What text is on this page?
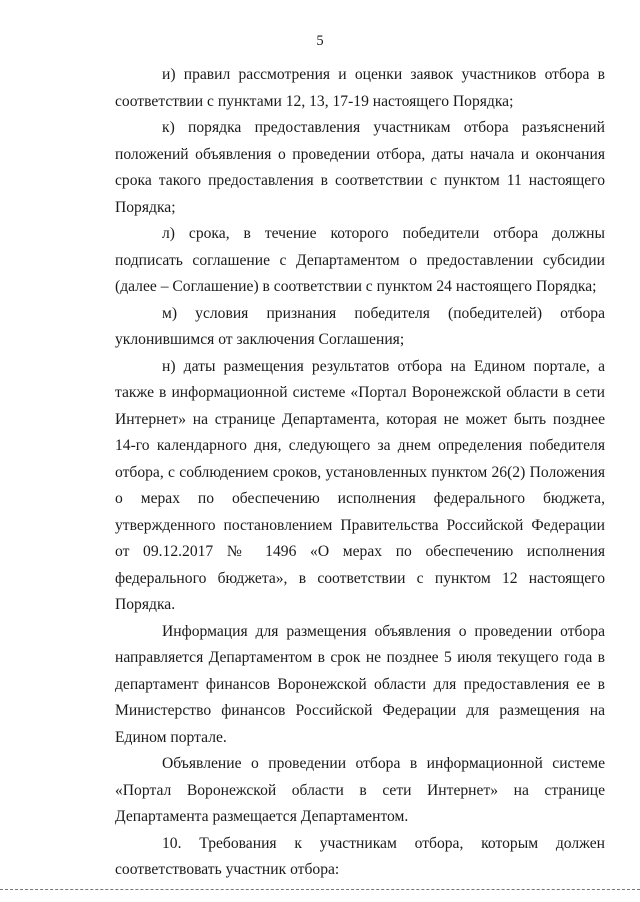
5

и) правил рассмотрения и оценки заявок участников отбора в соответствии с пунктами 12, 13, 17-19 настоящего Порядка;

к) порядка предоставления участникам отбора разъяснений положений объявления о проведении отбора, даты начала и окончания срока такого предоставления в соответствии с пунктом 11 настоящего Порядка;

л) срока, в течение которого победители отбора должны подписать соглашение с Департаментом о предоставлении субсидии (далее – Соглашение) в соответствии с пунктом 24 настоящего Порядка;

м) условия признания победителя (победителей) отбора уклонившимся от заключения Соглашения;

н) даты размещения результатов отбора на Едином портале, а также в информационной системе «Портал Воронежской области в сети Интернет» на странице Департамента, которая не может быть позднее 14-го календарного дня, следующего за днем определения победителя отбора, с соблюдением сроков, установленных пунктом 26(2) Положения о мерах по обеспечению исполнения федерального бюджета, утвержденного постановлением Правительства Российской Федерации от 09.12.2017 № 1496 «О мерах по обеспечению исполнения федерального бюджета», в соответствии с пунктом 12 настоящего Порядка.

Информация для размещения объявления о проведении отбора направляется Департаментом в срок не позднее 5 июля текущего года в департамент финансов Воронежской области для предоставления ее в Министерство финансов Российской Федерации для размещения на Едином портале.

Объявление о проведении отбора в информационной системе «Портал Воронежской области в сети Интернет» на странице Департамента размещается Департаментом.

10. Требования к участникам отбора, которым должен соответствовать участник отбора:
